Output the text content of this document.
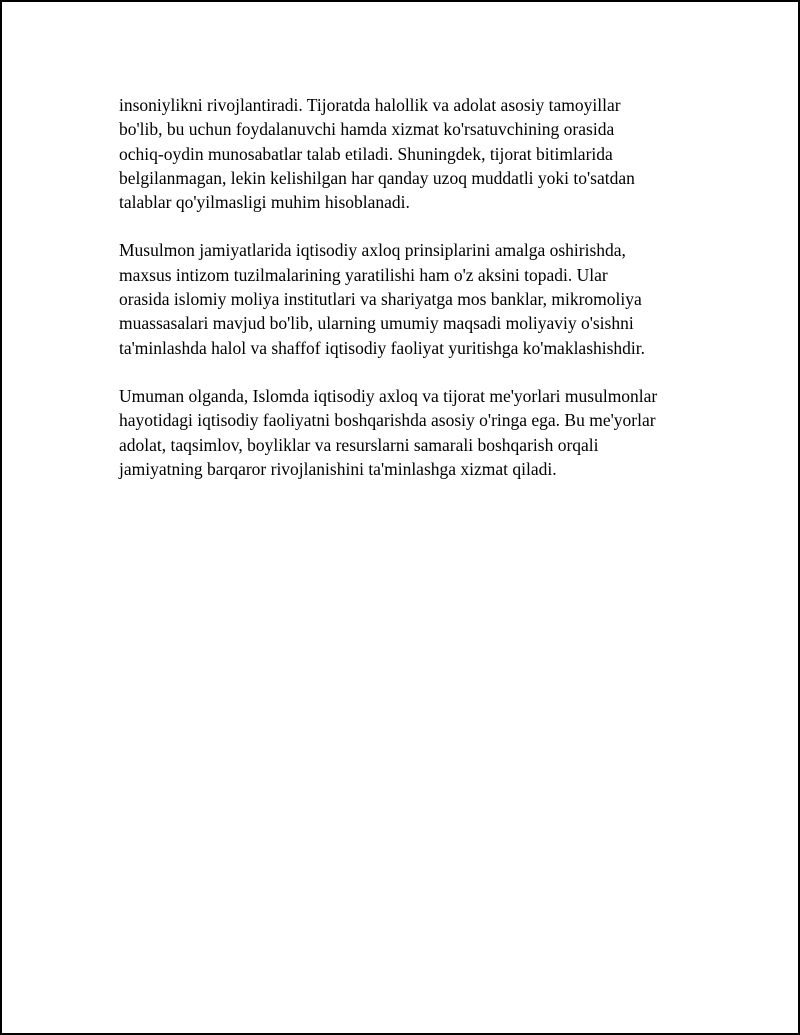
insoniylikni rivojlantiradi. Tijoratda halollik va adolat asosiy tamoyillar
bo'lib, bu uchun foydalanuvchi hamda xizmat ko'rsatuvchining orasida
ochiq-oydin munosabatlar talab etiladi. Shuningdek, tijorat bitimlarida
belgilanmagan, lekin kelishilgan har qanday uzoq muddatli yoki to'satdan
talablar qo'yilmasligi muhim hisoblanadi.

Musulmon jamiyatlarida iqtisodiy axloq prinsiplarini amalga oshirishda,
maxsus intizom tuzilmalarining yaratilishi ham o'z aksini topadi. Ular
orasida islomiy moliya institutlari va shariyatga mos banklar, mikromoliya
muassasalari mavjud bo'lib, ularning umumiy maqsadi moliyaviy o'sishni
ta'minlashda halol va shaffof iqtisodiy faoliyat yuritishga ko'maklashishdir.

Umuman olganda, Islomda iqtisodiy axloq va tijorat me'yorlari musulmonlar
hayotidagi iqtisodiy faoliyatni boshqarishda asosiy o'ringa ega. Bu me'yorlar
adolat, taqsimlov, boyliklar va resurslarni samarali boshqarish orqali
jamiyatning barqaror rivojlanishini ta'minlashga xizmat qiladi.
